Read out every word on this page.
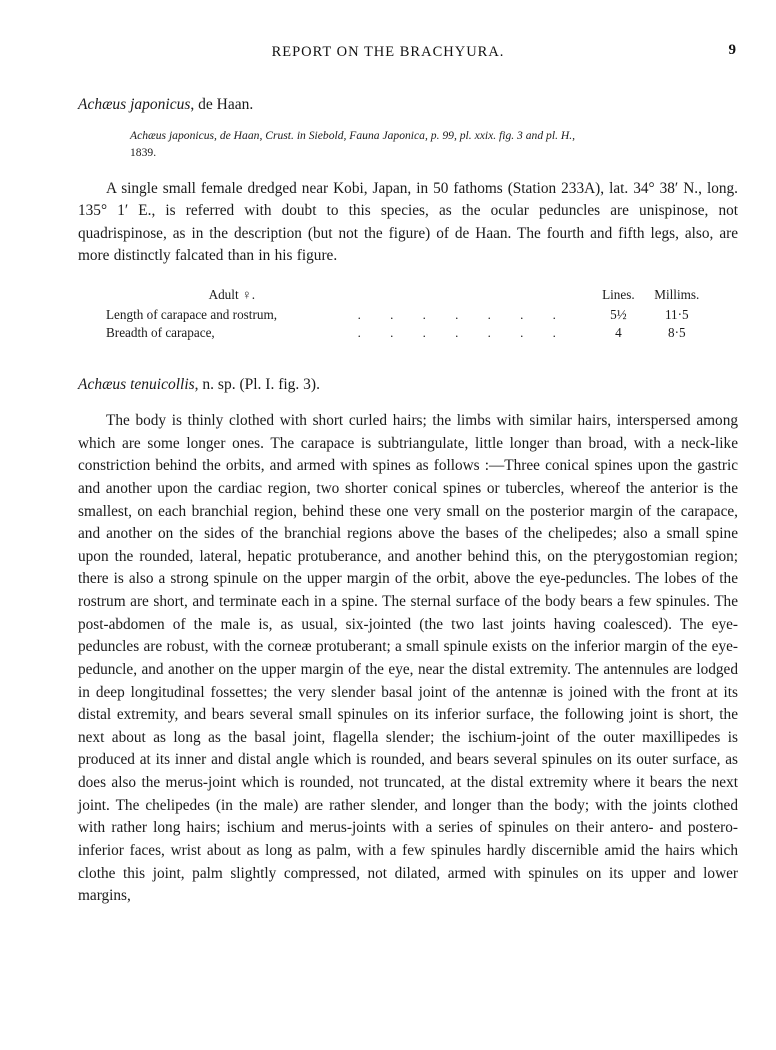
REPORT ON THE BRACHYURA.	9
Achæus japonicus, de Haan.
Achæus japonicus, de Haan, Crust. in Siebold, Fauna Japonica, p. 99, pl. xxix. fig. 3 and pl. H.,
1839.

A single small female dredged near Kobi, Japan, in 50 fathoms (Station 233A), lat. 34° 38′ N., long. 135° 1′ E., is referred with doubt to this species, as the ocular peduncles are unispinose, not quadrispinose, as in the description (but not the figure) of de Haan. The fourth and fifth legs, also, are more distinctly falcated than in his figure.

Adult ♀.		Lines.	Millims.
Length of carapace and rostrum,	. . . . . . .	5½	11·5
Breadth of carapace,	. . . . . . .	4	8·5
Achæus tenuicollis, n. sp. (Pl. I. fig. 3).

The body is thinly clothed with short curled hairs; the limbs with similar hairs, interspersed among which are some longer ones. The carapace is subtriangulate, little longer than broad, with a neck-like constriction behind the orbits, and armed with spines as follows :—Three conical spines upon the gastric and another upon the cardiac region, two shorter conical spines or tubercles, whereof the anterior is the smallest, on each branchial region, behind these one very small on the posterior margin of the carapace, and another on the sides of the branchial regions above the bases of the chelipedes; also a small spine upon the rounded, lateral, hepatic protuberance, and another behind this, on the pterygostomian region; there is also a strong spinule on the upper margin of the orbit, above the eye-peduncles. The lobes of the rostrum are short, and terminate each in a spine. The sternal surface of the body bears a few spinules. The post-abdomen of the male is, as usual, six-jointed (the two last joints having coalesced). The eye-peduncles are robust, with the corneæ protuberant; a small spinule exists on the inferior margin of the eye-peduncle, and another on the upper margin of the eye, near the distal extremity. The antennules are lodged in deep longitudinal fossettes; the very slender basal joint of the antennæ is joined with the front at its distal extremity, and bears several small spinules on its inferior surface, the following joint is short, the next about as long as the basal joint, flagella slender; the ischium-joint of the outer maxillipedes is produced at its inner and distal angle which is rounded, and bears several spinules on its outer surface, as does also the merus-joint which is rounded, not truncated, at the distal extremity where it bears the next joint. The chelipedes (in the male) are rather slender, and longer than the body; with the joints clothed with rather long hairs; ischium and merus-joints with a series of spinules on their antero- and postero-inferior faces, wrist about as long as palm, with a few spinules hardly discernible amid the hairs which clothe this joint, palm slightly compressed, not dilated, armed with spinules on its upper and lower margins,
